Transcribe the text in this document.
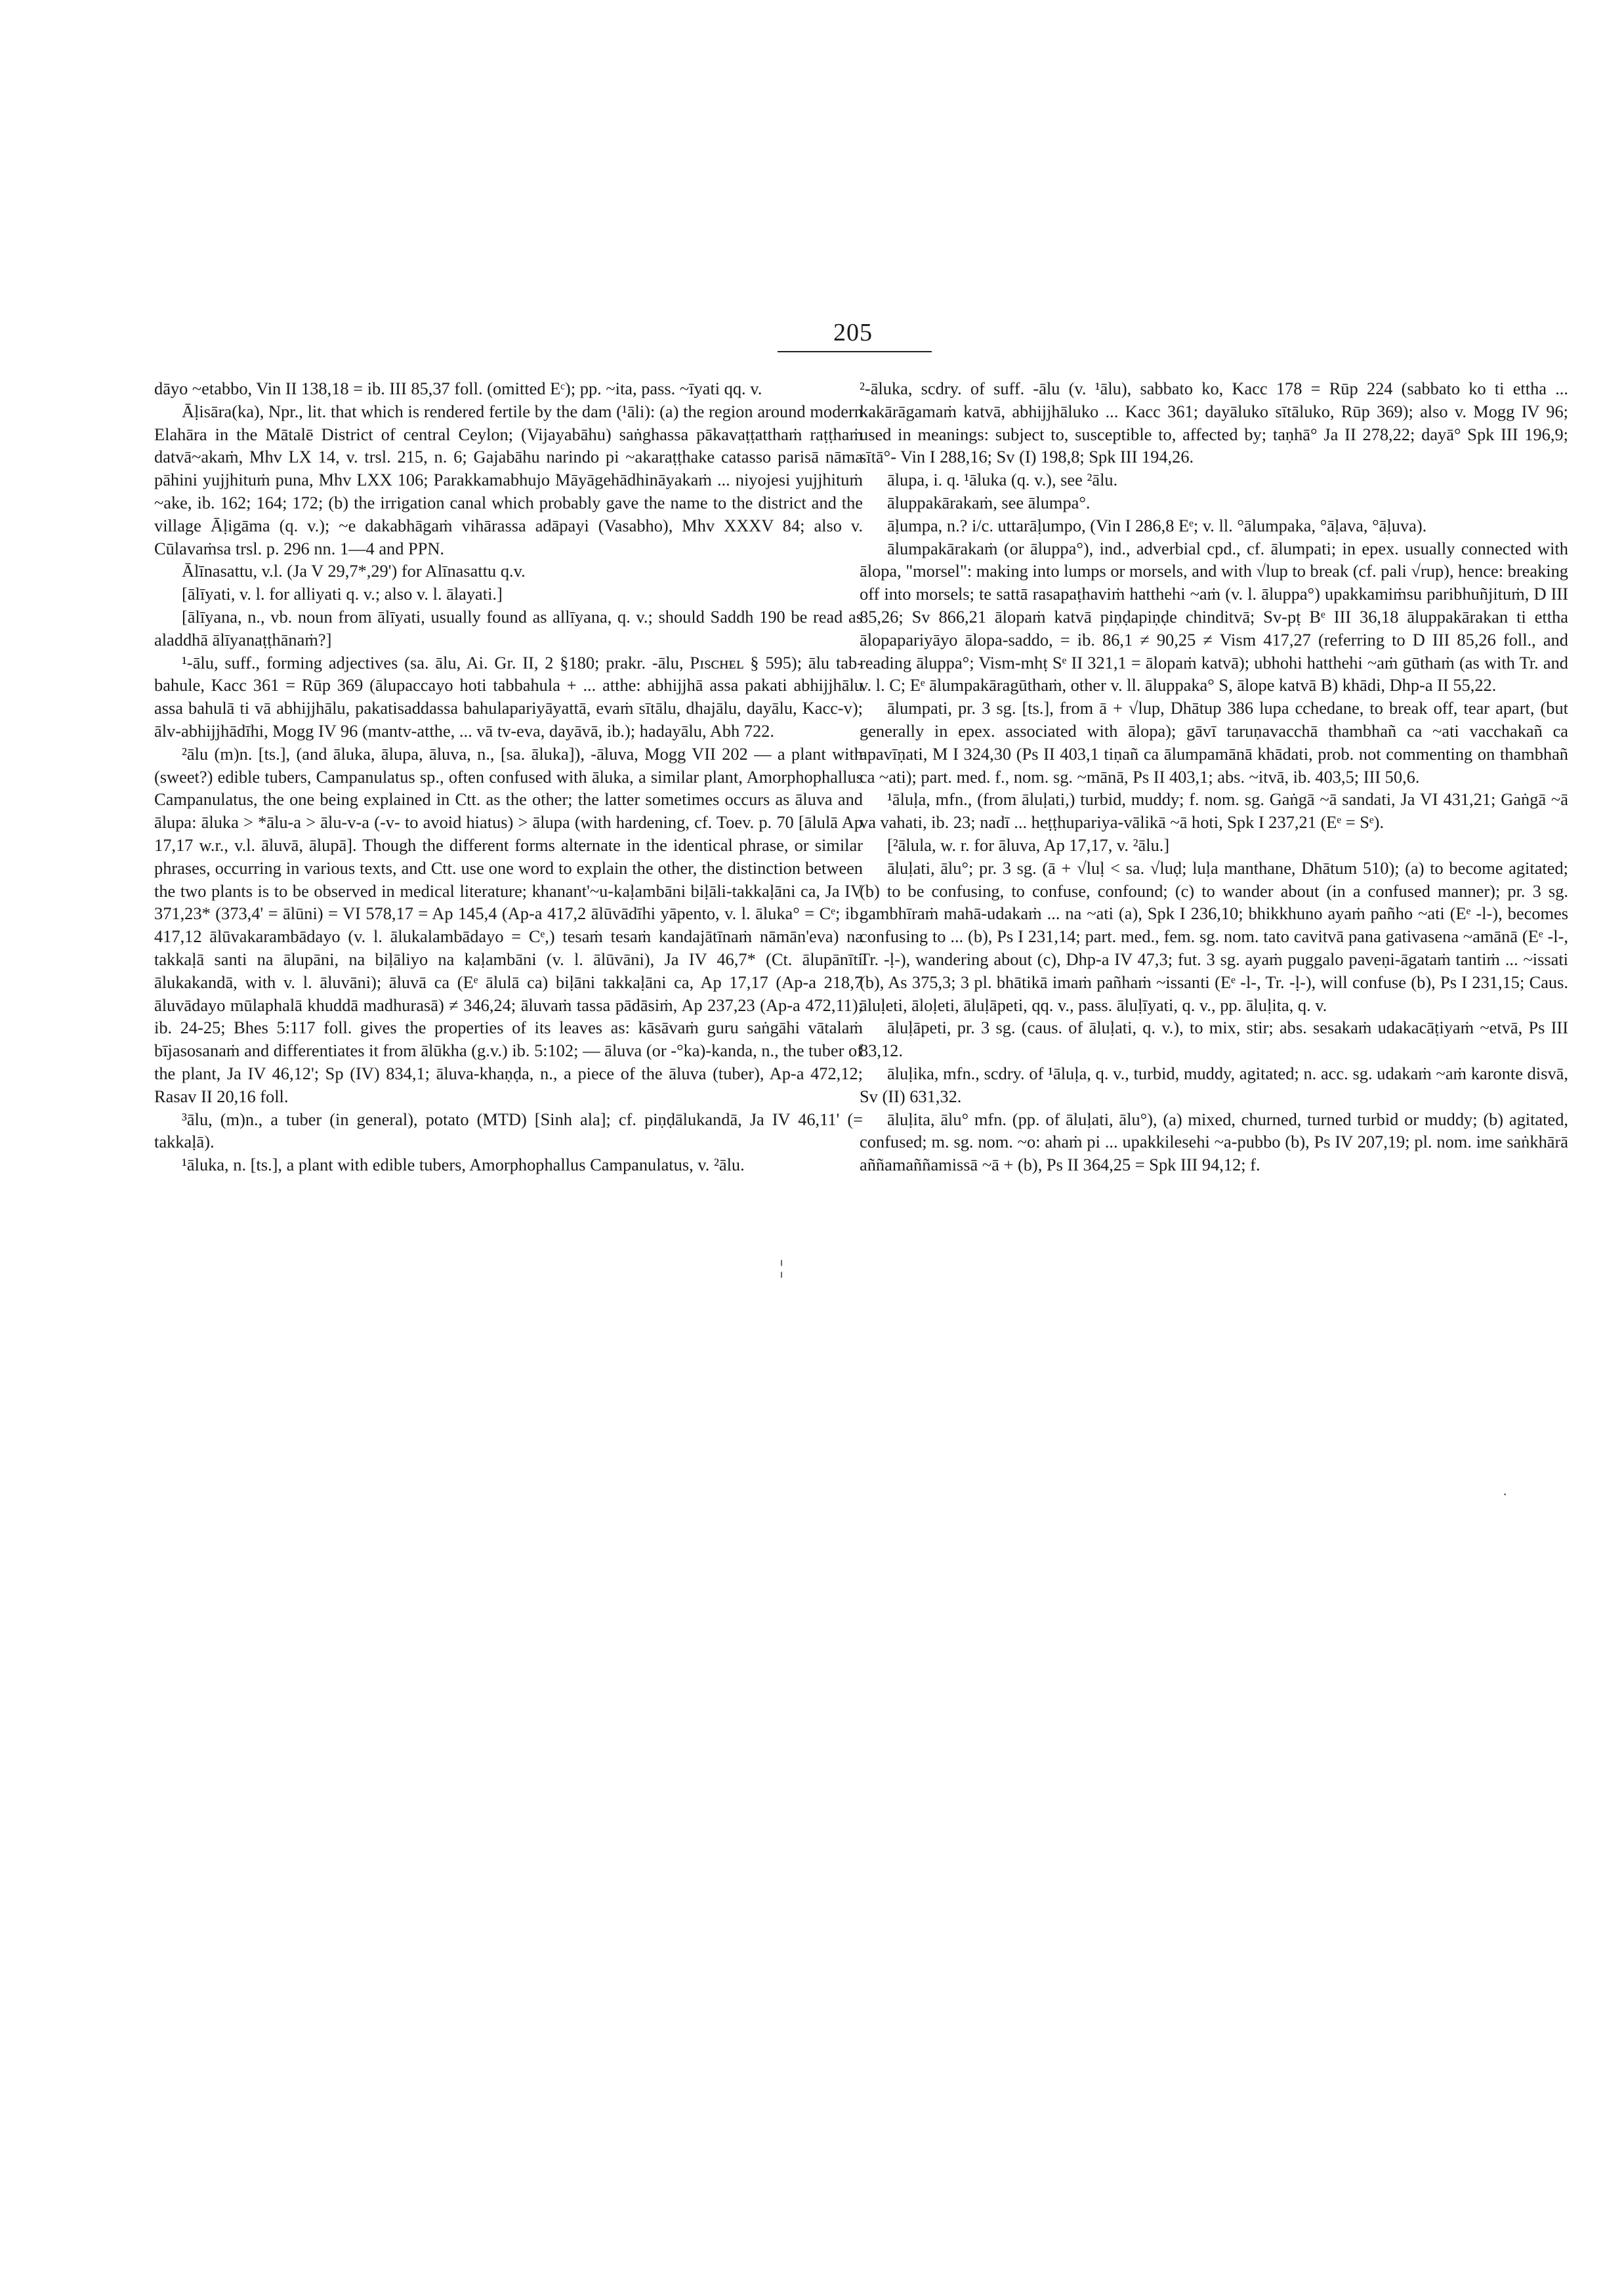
205

dāyo ~etabbo, Vin II 138,18 = ib. III 85,37 foll. (omitted Eᶜ); pp. ~ita, pass. ~īyati qq. v.

Āḷisāra(ka), Npr., lit. that which is rendered fertile by the dam (¹āli): (a) the region around modern Elahāra in the Mātalē District of central Ceylon; (Vijayabāhu) saṅghassa pākavaṭṭatthaṁ raṭṭhaṁ datvā~akaṁ, Mhv LX 14, v. trsl. 215, n. 6; Gajabāhu narindo pi ~akaraṭṭhake catasso parisā nāma pāhini yujjhituṁ puna, Mhv LXX 106; Parakkamabhujo Māyāgehādhināyakaṁ ... niyojesi yujjhituṁ ~ake, ib. 162; 164; 172; (b) the irrigation canal which probably gave the name to the district and the village Āḷigāma (q. v.); ~e dakabhāgaṁ vihārassa adāpayi (Vasabho), Mhv XXXV 84; also v. Cūlavaṁsa trsl. p. 296 nn. 1—4 and PPN.

Ālīnasattu, v.l. (Ja V 29,7*,29') for Alīnasattu q.v.

[ālīyati, v. l. for alliyati q. v.; also v. l. ālayati.]

[ālīyana, n., vb. noun from ālīyati, usually found as allīyana, q. v.; should Saddh 190 be read as aladdhā ālīyanaṭṭhānaṁ?]

¹-ālu, suff., forming adjectives (sa. ālu, Ai. Gr. II, 2 §180; prakr. -ālu, Pɪsᴄʜᴇʟ § 595); ālu tab-bahule, Kacc 361 = Rūp 369 (ālupaccayo hoti tabbahula + ... atthe: abhijjhā assa pakati abhijjhālu assa bahulā ti vā abhijjhālu, pakatisaddassa bahulapariyāyattā, evaṁ sītālu, dhajālu, dayālu, Kacc-v); ālv-abhijjhādīhi, Mogg IV 96 (mantv-atthe, ... vā tv-eva, dayāvā, ib.); hadayālu, Abh 722.

²ālu (m)n. [ts.], (and āluka, ālupa, āluva, n., [sa. āluka]), -āluva, Mogg VII 202 — a plant with (sweet?) edible tubers, Campanulatus sp., often confused with āluka, a similar plant, Amorphophallus Campanulatus, the one being explained in Ctt. as the other; the latter sometimes occurs as āluva and ālupa: āluka > *ālu-a > ālu-v-a (-v- to avoid hiatus) > ālupa (with hardening, cf. Toev. p. 70 [ālulā Ap 17,17 w.r., v.l. āluvā, ālupā]. Though the different forms alternate in the identical phrase, or similar phrases, occurring in various texts, and Ctt. use one word to explain the other, the distinction between the two plants is to be observed in medical literature; khanant'~u-kaḷambāni biḷāli-takkaḷāni ca, Ja IV 371,23* (373,4' = ālūni) = VI 578,17 = Ap 145,4 (Ap-a 417,2 ālūvādīhi yāpento, v. l. āluka° = Cᵉ; ib. 417,12 ālūvakarambādayo (v. l. ālukalambādayo = Cᵉ,) tesaṁ tesaṁ kandajātīnaṁ nāmān'eva) na takkaḷā santi na ālupāni, na biḷāliyo na kaḷambāni (v. l. ālūvāni), Ja IV 46,7* (Ct. ālupānīti ālukakandā, with v. l. āluvāni); āluvā ca (Eᵉ ālulā ca) biḷāni takkaḷāni ca, Ap 17,17 (Ap-a 218,7 āluvādayo mūlaphalā khuddā madhurasā) ≠ 346,24; āluvaṁ tassa pādāsiṁ, Ap 237,23 (Ap-a 472,11); ib. 24-25; Bhes 5:117 foll. gives the properties of its leaves as: kāsāvaṁ guru saṅgāhi vātalaṁ bījasosanaṁ and differentiates it from ālūkha (g.v.) ib. 5:102; — āluva (or -°ka)-kanda, n., the tuber of the plant, Ja IV 46,12'; Sp (IV) 834,1; āluva-khaṇḍa, n., a piece of the āluva (tuber), Ap-a 472,12; Rasav II 20,16 foll.

³ālu, (m)n., a tuber (in general), potato (MTD) [Sinh ala]; cf. piṇḍālukandā, Ja IV 46,11' (= takkaḷā).

¹āluka, n. [ts.], a plant with edible tubers, Amorphophallus Campanulatus, v. ²ālu.

²-āluka, scdry. of suff. -ālu (v. ¹ālu), sabbato ko, Kacc 178 = Rūp 224 (sabbato ko ti ettha ... kakārāgamaṁ katvā, abhijjhāluko ... Kacc 361; dayāluko sītāluko, Rūp 369); also v. Mogg IV 96; used in meanings: subject to, susceptible to, affected by; taṇhā° Ja II 278,22; dayā° Spk III 196,9; sītā°- Vin I 288,16; Sv (I) 198,8; Spk III 194,26.

ālupa, i. q. ¹āluka (q. v.), see ²ālu.

āluppakārakaṁ, see ālumpa°.

āḷumpa, n.? i/c. uttarāḷumpo, (Vin I 286,8 Eᵉ; v. ll. °ālumpaka, °āḷava, °āḷuva).

ālumpakārakaṁ (or āluppa°), ind., adverbial cpd., cf. ālumpati; in epex. usually connected with ālopa, "morsel": making into lumps or morsels, and with √lup to break (cf. pali √rup), hence: breaking off into morsels; te sattā rasapaṭhaviṁ hatthehi ~aṁ (v. l. āluppa°) upakkamiṁsu paribhuñjituṁ, D III 85,26; Sv 866,21 ālopaṁ katvā piṇḍapiṇḍe chinditvā; Sv-pṭ Bᵉ III 36,18 āluppakārakan ti ettha ālopapariyāyo ālopa-saddo, = ib. 86,1 ≠ 90,25 ≠ Vism 417,27 (referring to D III 85,26 foll., and reading āluppa°; Vism-mhṭ Sᵉ II 321,1 = ālopaṁ katvā); ubhohi hatthehi ~aṁ gūthaṁ (as with Tr. and v. l. C; Eᵉ ālumpakāragūthaṁ, other v. ll. āluppaka° S, ālope katvā B) khādi, Dhp-a II 55,22.

ālumpati, pr. 3 sg. [ts.], from ā + √lup, Dhātup 386 lupa cchedane, to break off, tear apart, (but generally in epex. associated with ālopa); gāvī taruṇavacchā thambhañ ca ~ati vacchakañ ca apavīṇati, M I 324,30 (Ps II 403,1 tiṇañ ca ālumpamānā khādati, prob. not commenting on thambhañ ca ~ati); part. med. f., nom. sg. ~mānā, Ps II 403,1; abs. ~itvā, ib. 403,5; III 50,6.

¹āluḷa, mfn., (from āluḷati,) turbid, muddy; f. nom. sg. Gaṅgā ~ā sandati, Ja VI 431,21; Gaṅgā ~ā va vahati, ib. 23; nadī ... heṭṭhupariya-vālikā ~ā hoti, Spk I 237,21 (Eᵉ = Sᵉ).

[²ālula, w. r. for āluva, Ap 17,17, v. ²ālu.]

āluḷati, ālu°; pr. 3 sg. (ā + √luḷ < sa. √luḍ; luḷa manthane, Dhātum 510); (a) to become agitated; (b) to be confusing, to confuse, confound; (c) to wander about (in a confused manner); pr. 3 sg. gambhīraṁ mahā-udakaṁ ... na ~ati (a), Spk I 236,10; bhikkhuno ayaṁ pañho ~ati (Eᵉ -l-), becomes confusing to ... (b), Ps I 231,14; part. med., fem. sg. nom. tato cavitvā pana gativasena ~amānā (Eᵉ -l-, Tr. -ḷ-), wandering about (c), Dhp-a IV 47,3; fut. 3 sg. ayaṁ puggalo paveṇi-āgataṁ tantiṁ ... ~issati (b), As 375,3; 3 pl. bhātikā imaṁ pañhaṁ ~issanti (Eᵉ -l-, Tr. -ḷ-), will confuse (b), Ps I 231,15; Caus. āluḷeti, āloḷeti, āluḷāpeti, qq. v., pass. āluḷīyati, q. v., pp. āluḷita, q. v.

āluḷāpeti, pr. 3 sg. (caus. of āluḷati, q. v.), to mix, stir; abs. sesakaṁ udakacāṭiyaṁ ~etvā, Ps III 83,12.

āluḷika, mfn., scdry. of ¹āluḷa, q. v., turbid, muddy, agitated; n. acc. sg. udakaṁ ~aṁ karonte disvā, Sv (II) 631,32.

āluḷita, ālu° mfn. (pp. of āluḷati, ālu°), (a) mixed, churned, turned turbid or muddy; (b) agitated, confused; m. sg. nom. ~o: ahaṁ pi ... upakkilesehi ~a-pubbo (b), Ps IV 207,19; pl. nom. ime saṅkhārā aññamaññamissā ~ā + (b), Ps II 364,25 = Spk III 94,12; f.

¦
·
